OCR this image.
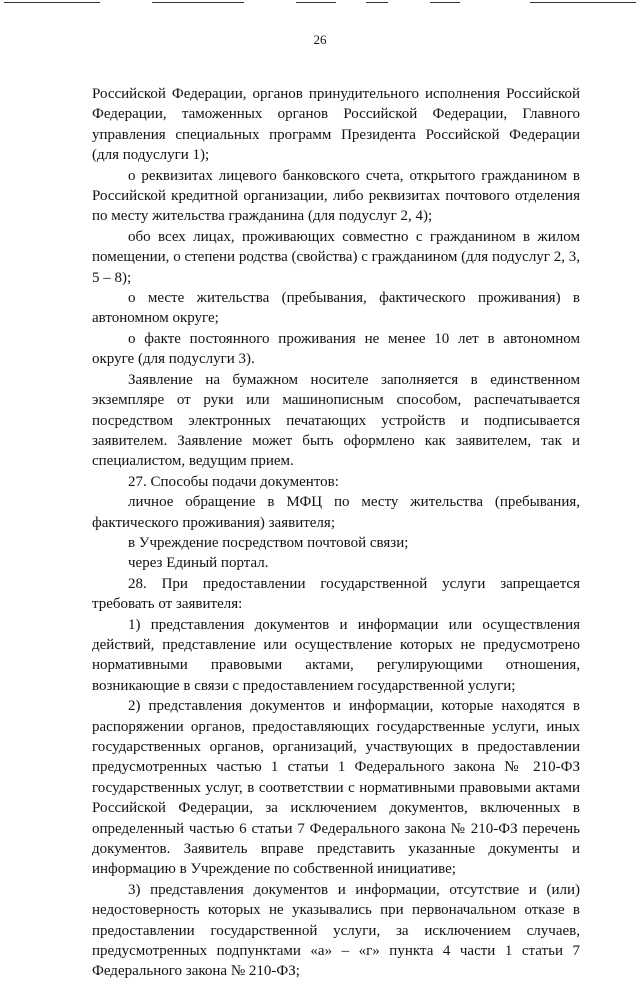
26

Российской Федерации, органов принудительного исполнения Российской Федерации, таможенных органов Российской Федерации, Главного управления специальных программ Президента Российской Федерации (для подуслуги 1);

о реквизитах лицевого банковского счета, открытого гражданином в Российской кредитной организации, либо реквизитах почтового отделения по месту жительства гражданина (для подуслуг 2, 4);

обо всех лицах, проживающих совместно с гражданином в жилом помещении, о степени родства (свойства) с гражданином (для подуслуг 2, 3, 5 – 8);

о месте жительства (пребывания, фактического проживания) в автономном округе;

о факте постоянного проживания не менее 10 лет в автономном округе (для подуслуги 3).

Заявление на бумажном носителе заполняется в единственном экземпляре от руки или машинописным способом, распечатывается посредством электронных печатающих устройств и подписывается заявителем. Заявление может быть оформлено как заявителем, так и специалистом, ведущим прием.

27. Способы подачи документов:

личное обращение в МФЦ по месту жительства (пребывания, фактического проживания) заявителя;

в Учреждение посредством почтовой связи;

через Единый портал.

28. При предоставлении государственной услуги запрещается требовать от заявителя:

1) представления документов и информации или осуществления действий, представление или осуществление которых не предусмотрено нормативными правовыми актами, регулирующими отношения, возникающие в связи с предоставлением государственной услуги;

2) представления документов и информации, которые находятся в распоряжении органов, предоставляющих государственные услуги, иных государственных органов, организаций, участвующих в предоставлении предусмотренных частью 1 статьи 1 Федерального закона № 210-ФЗ государственных услуг, в соответствии с нормативными правовыми актами Российской Федерации, за исключением документов, включенных в определенный частью 6 статьи 7 Федерального закона № 210-ФЗ перечень документов. Заявитель вправе представить указанные документы и информацию в Учреждение по собственной инициативе;

3) представления документов и информации, отсутствие и (или) недостоверность которых не указывались при первоначальном отказе в предоставлении государственной услуги, за исключением случаев, предусмотренных подпунктами «а» – «г» пункта 4 части 1 статьи 7 Федерального закона № 210-ФЗ;
